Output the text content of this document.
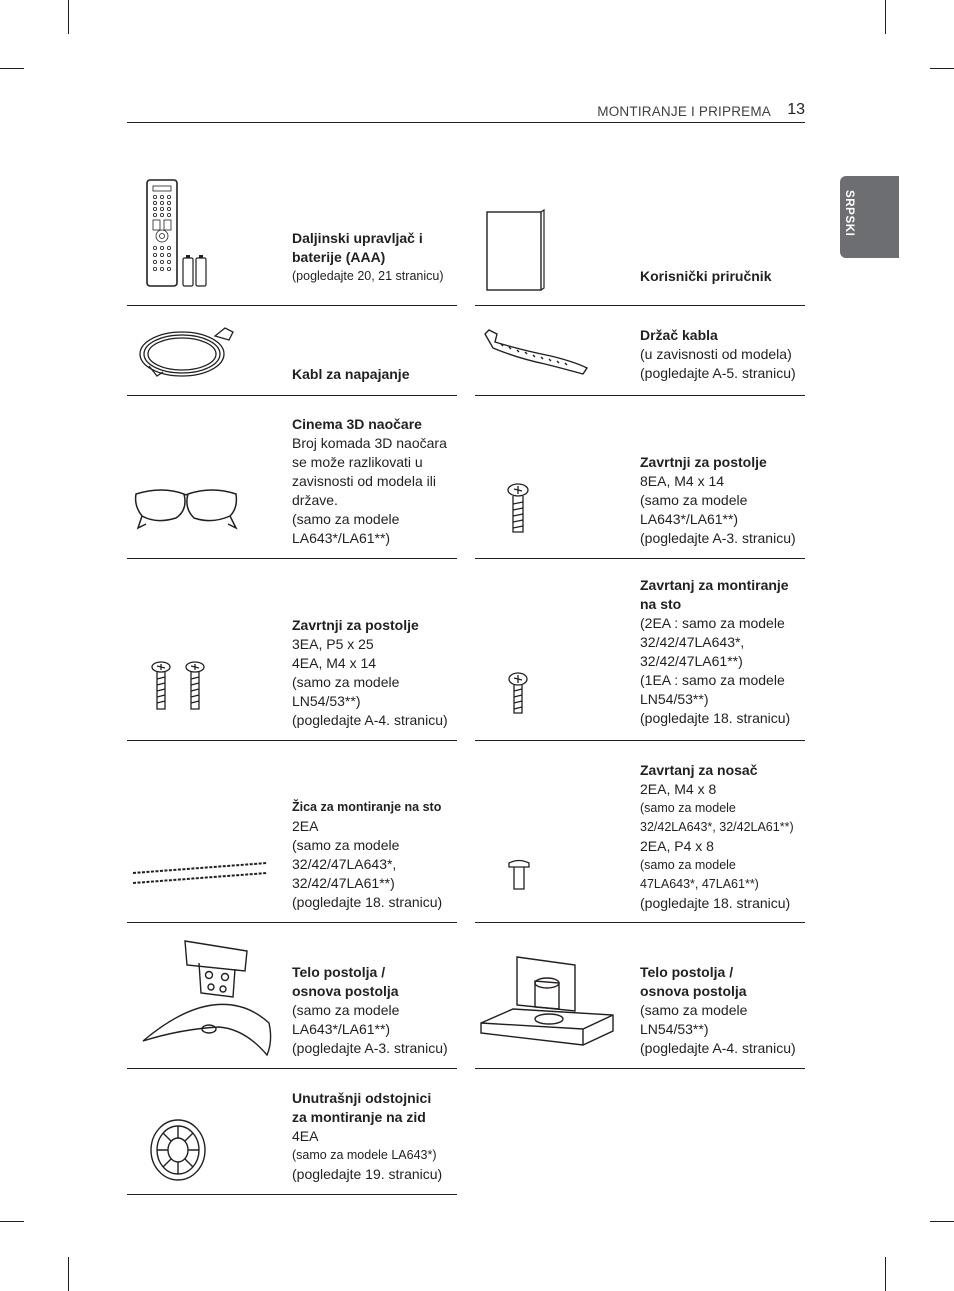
MONTIRANJE I PRIPREMA 13
SRPSKI
Daljinski upravljač i
baterije (AAA)
(pogledajte 20, 21 stranicu)
Kabl za napajanje
Cinema 3D naočare
Broj komada 3D naočara
se može razlikovati u
zavisnosti od modela ili
države.
(samo za modele
LA643*/LA61**)
Zavrtnji za postolje
3EA, P5 x 25
4EA, M4 x 14
(samo za modele
LN54/53**)
(pogledajte A-4. stranicu)
Žica za montiranje na sto
2EA
(samo za modele
32/42/47LA643*,
32/42/47LA61**)
(pogledajte 18. stranicu)
Telo postolja /
osnova postolja
(samo za modele
LA643*/LA61**)
(pogledajte A-3. stranicu)
Unutrašnji odstojnici
za montiranje na zid
4EA
(samo za modele LA643*)
(pogledajte 19. stranicu)
Korisnički priručnik
Držač kabla
(u zavisnosti od modela)
(pogledajte A-5. stranicu)
Zavrtnji za postolje
8EA, M4 x 14
(samo za modele
LA643*/LA61**)
(pogledajte A-3. stranicu)
Zavrtanj za montiranje
na sto
(2EA : samo za modele
32/42/47LA643*,
32/42/47LA61**)
(1EA : samo za modele
LN54/53**)
(pogledajte 18. stranicu)
Zavrtanj za nosač
2EA, M4 x 8
(samo za modele
32/42LA643*, 32/42LA61**)
2EA, P4 x 8
(samo za modele
47LA643*, 47LA61**)
(pogledajte 18. stranicu)
Telo postolja /
osnova postolja
(samo za modele
LN54/53**)
(pogledajte A-4. stranicu)
